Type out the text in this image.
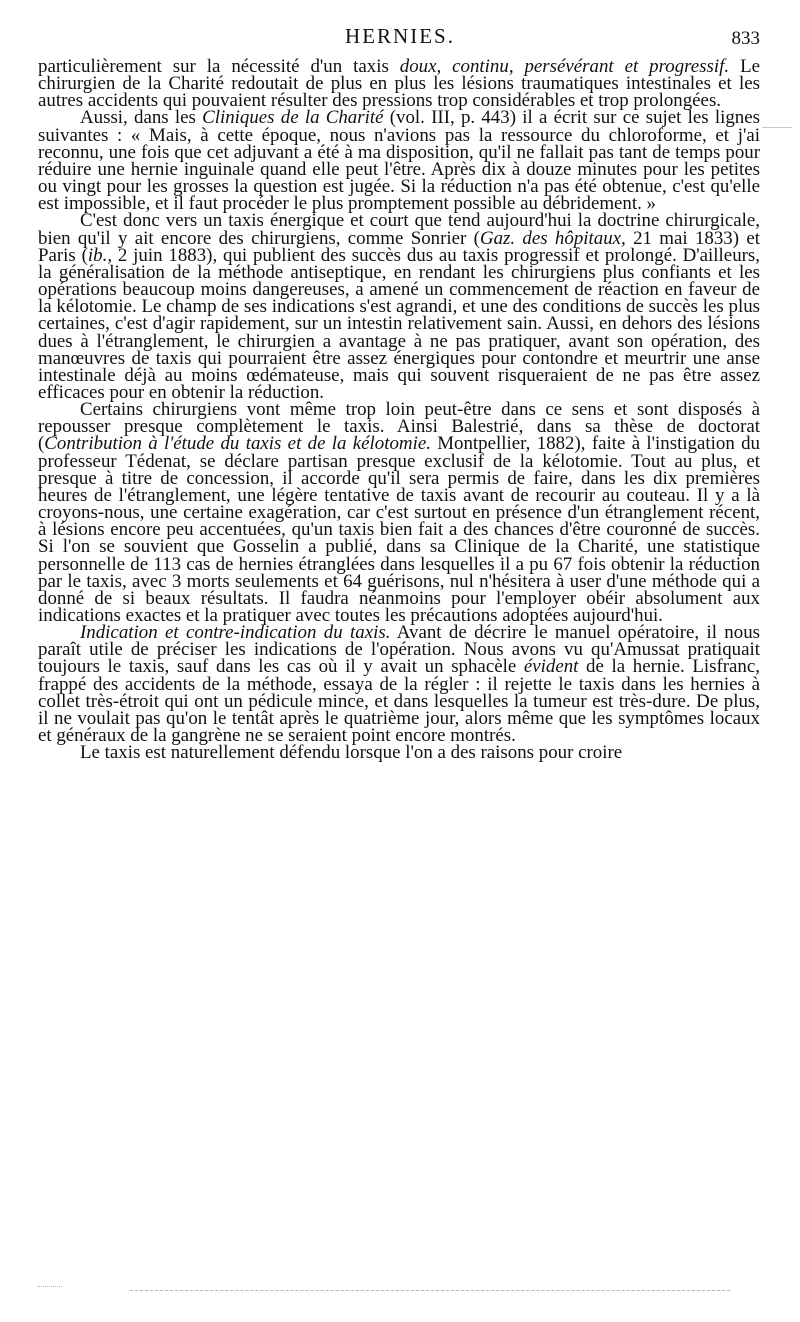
HERNIES.	833

particulièrement sur la nécessité d'un taxis doux, continu, persévérant et progressif. Le chirurgien de la Charité redoutait de plus en plus les lésions traumatiques intestinales et les autres accidents qui pouvaient résulter des pressions trop considérables et trop prolongées.

Aussi, dans les Cliniques de la Charité (vol. III, p. 443) il a écrit sur ce sujet les lignes suivantes : « Mais, à cette époque, nous n'avions pas la ressource du chloroforme, et j'ai reconnu, une fois que cet adjuvant a été à ma disposition, qu'il ne fallait pas tant de temps pour réduire une hernie inguinale quand elle peut l'être. Après dix à douze minutes pour les petites ou vingt pour les grosses la question est jugée. Si la réduction n'a pas été obtenue, c'est qu'elle est impossible, et il faut procéder le plus promptement possible au débridement. »

C'est donc vers un taxis énergique et court que tend aujourd'hui la doctrine chirurgicale, bien qu'il y ait encore des chirurgiens, comme Sonrier (Gaz. des hôpitaux, 21 mai 1833) et Paris (ib., 2 juin 1883), qui publient des succès dus au taxis progressif et prolongé. D'ailleurs, la généralisation de la méthode antiseptique, en rendant les chirurgiens plus confiants et les opérations beaucoup moins dangereuses, a amené un commencement de réaction en faveur de la kélotomie. Le champ de ses indications s'est agrandi, et une des conditions de succès les plus certaines, c'est d'agir rapidement, sur un intestin relativement sain. Aussi, en dehors des lésions dues à l'étranglement, le chirurgien a avantage à ne pas pratiquer, avant son opération, des manœuvres de taxis qui pourraient être assez énergiques pour contondre et meurtrir une anse intestinale déjà au moins œdémateuse, mais qui souvent risqueraient de ne pas être assez efficaces pour en obtenir la réduction.

Certains chirurgiens vont même trop loin peut-être dans ce sens et sont disposés à repousser presque complètement le taxis. Ainsi Balestrié, dans sa thèse de doctorat (Contribution à l'étude du taxis et de la kélotomie. Montpellier, 1882), faite à l'instigation du professeur Tédenat, se déclare partisan presque exclusif de la kélotomie. Tout au plus, et presque à titre de concession, il accorde qu'il sera permis de faire, dans les dix premières heures de l'étranglement, une légère tentative de taxis avant de recourir au couteau. Il y a là croyons-nous, une certaine exagération, car c'est surtout en présence d'un étranglement récent, à lésions encore peu accentuées, qu'un taxis bien fait a des chances d'être couronné de succès. Si l'on se souvient que Gosselin a publié, dans sa Clinique de la Charité, une statistique personnelle de 113 cas de hernies étranglées dans lesquelles il a pu 67 fois obtenir la réduction par le taxis, avec 3 morts seulements et 64 guérisons, nul n'hésitera à user d'une méthode qui a donné de si beaux résultats. Il faudra néanmoins pour l'employer obéir absolument aux indications exactes et la pratiquer avec toutes les précautions adoptées aujourd'hui.

Indication et contre-indication du taxis. Avant de décrire le manuel opératoire, il nous paraît utile de préciser les indications de l'opération. Nous avons vu qu'Amussat pratiquait toujours le taxis, sauf dans les cas où il y avait un sphacèle évident de la hernie. Lisfranc, frappé des accidents de la méthode, essaya de la régler : il rejette le taxis dans les hernies à collet très-étroit qui ont un pédicule mince, et dans lesquelles la tumeur est très-dure. De plus, il ne voulait pas qu'on le tentât après le quatrième jour, alors même que les symptômes locaux et généraux de la gangrène ne se seraient point encore montrés.

Le taxis est naturellement défendu lorsque l'on a des raisons pour croire
